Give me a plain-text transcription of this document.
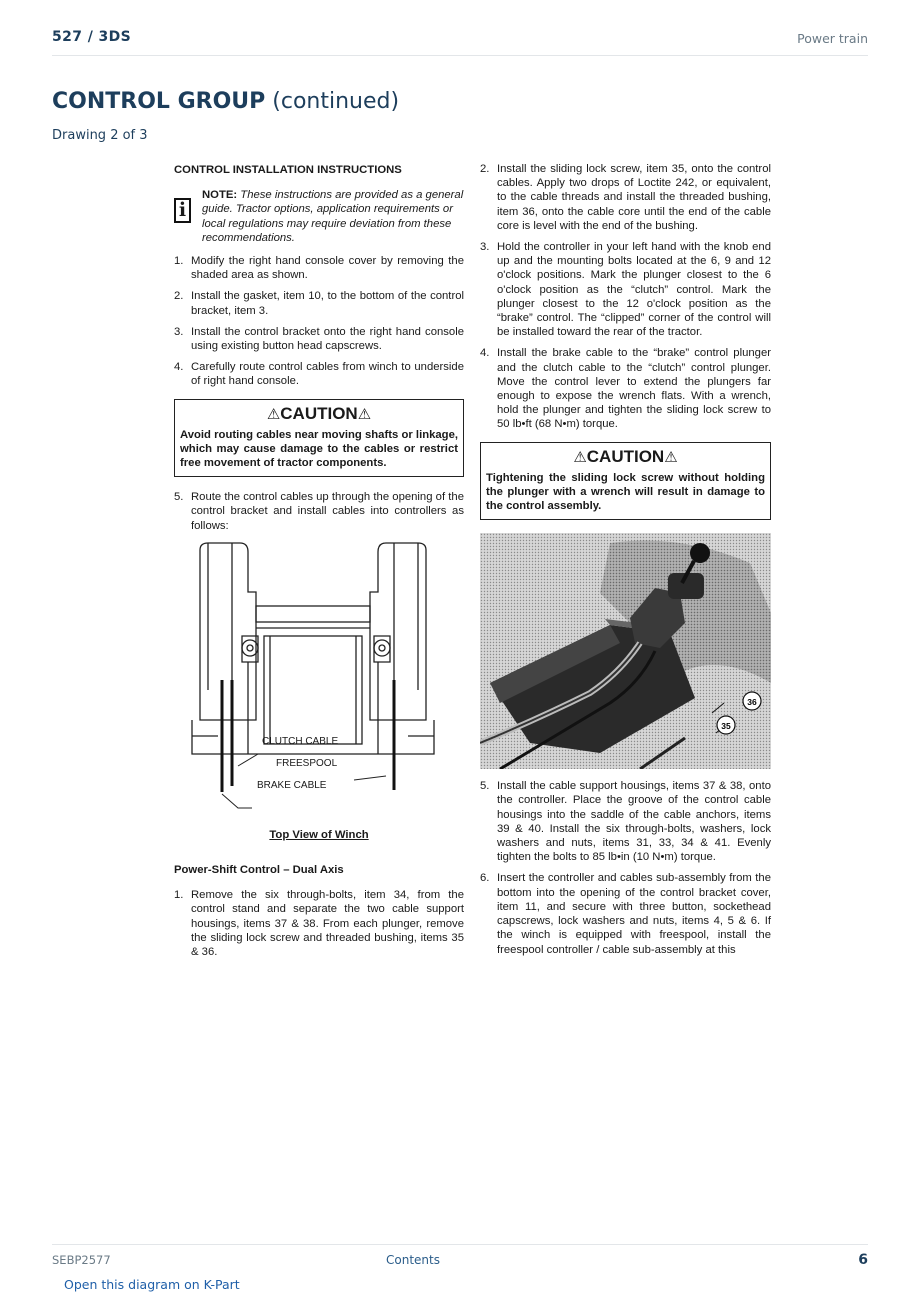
527 / 3DS	Power train
CONTROL GROUP (continued)
Drawing 2 of 3
CONTROL INSTALLATION INSTRUCTIONS
i
NOTE: These instructions are provided as a general guide. Tractor options, application requirements or local regulations may require deviation from these recommendations.
1. Modify the right hand console cover by removing the shaded area as shown.
2. Install the gasket, item 10, to the bottom of the control bracket, item 3.
3. Install the control bracket onto the right hand console using existing button head capscrews.
4. Carefully route control cables from winch to underside of right hand console.
⚠CAUTION⚠
Avoid routing cables near moving shafts or linkage, which may cause damage to the cables or restrict free movement of tractor components.
5. Route the control cables up through the opening of the control bracket and install cables into controllers as follows:
CLUTCH CABLE
FREESPOOL
BRAKE CABLE
Top View of Winch
Power-Shift Control – Dual Axis
1. Remove the six through-bolts, item 34, from the control stand and separate the two cable support housings, items 37 & 38. From each plunger, remove the sliding lock screw and threaded bushing, items 35 & 36.
2. Install the sliding lock screw, item 35, onto the control cables. Apply two drops of Loctite 242, or equivalent, to the cable threads and install the threaded bushing, item 36, onto the cable core until the end of the cable core is level with the end of the bushing.
3. Hold the controller in your left hand with the knob end up and the mounting bolts located at the 6, 9 and 12 o'clock positions. Mark the plunger closest to the 6 o'clock position as the “clutch” control. Mark the plunger closest to the 12 o'clock position as the “brake” control. The “clipped” corner of the control will be installed toward the rear of the tractor.
4. Install the brake cable to the “brake” control plunger and the clutch cable to the “clutch” control plunger. Move the control lever to extend the plungers far enough to expose the wrench flats. With a wrench, hold the plunger and tighten the sliding lock screw to 50 lb•ft (68 N•m) torque.
⚠CAUTION⚠
Tightening the sliding lock screw without holding the plunger with a wrench will result in damage to the control assembly.
36
35
5. Install the cable support housings, items 37 & 38, onto the controller. Place the groove of the control cable housings into the saddle of the cable anchors, items 39 & 40. Install the six through-bolts, washers, lock washers and nuts, items 31, 33, 34 & 41. Evenly tighten the bolts to 85 lb•in (10 N•m) torque.
6. Insert the controller and cables sub-assembly from the bottom into the opening of the control bracket cover, item 11, and secure with three button, sockethead capscrews, lock washers and nuts, items 4, 5 & 6. If the winch is equipped with freespool, install the freespool controller / cable sub-assembly at this
SEBP2577	Contents	6
Open this diagram on K-Part
